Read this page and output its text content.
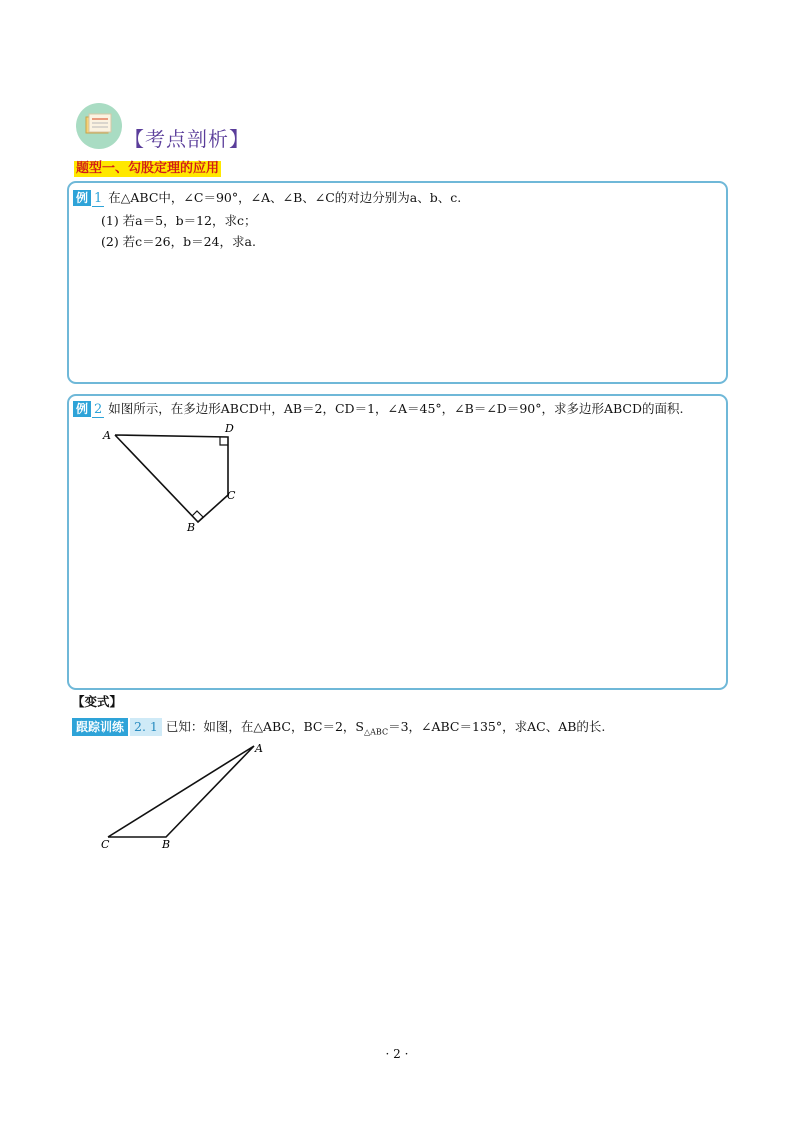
【考点剖析】
题型一、勾股定理的应用
例 1 在△ABC中，∠C＝90°，∠A、∠B、∠C的对边分别为a、b、c.
(1) 若a＝5，b＝12，求c；
(2) 若c＝26，b＝24，求a.
例 2 如图所示，在多边形ABCD中，AB＝2，CD＝1，∠A＝45°，∠B＝∠D＝90°，求多边形ABCD的面积.
A
D
C
B
【变式】
跟踪训练 2. 1 已知：如图，在△ABC，BC＝2，$S_{\triangle ABC}=3$，∠ABC＝135°，求AC、AB的长.
A
C	B
· 2 ·
